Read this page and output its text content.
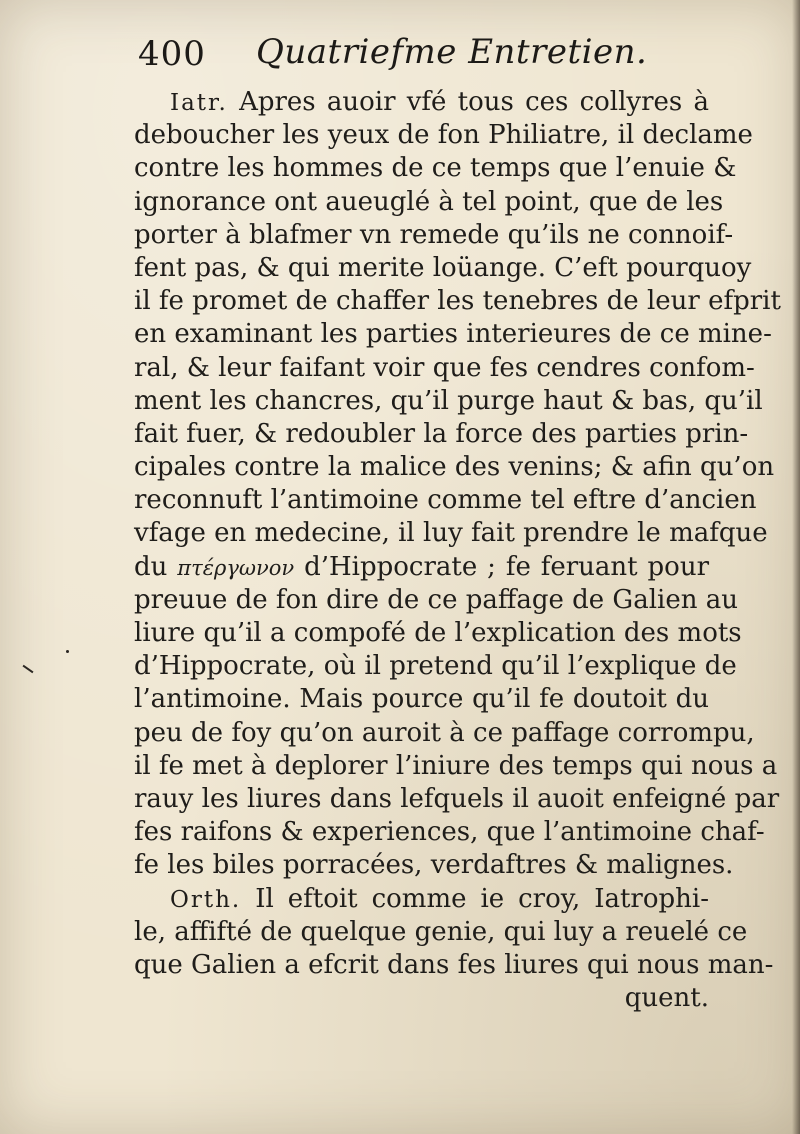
400 Quatriefme Entretien.
Iatr. Apres auoir vfé tous ces collyres à
deboucher les yeux de fon Philiatre, il declame
contre les hommes de ce temps que l’enuie &
ignorance ont aueuglé à tel point, que de les
porter à blafmer vn remede qu’ils ne connoif-
fent pas, & qui merite loüange. C’eft pourquoy
il fe promet de chaffer les tenebres de leur efprit
en examinant les parties interieures de ce mine-
ral, & leur faifant voir que fes cendres confom-
ment les chancres, qu’il purge haut & bas, qu’il
fait fuer, & redoubler la force des parties prin-
cipales contre la malice des venins; & afin qu’on
reconnuft l’antimoine comme tel eftre d’ancien
vfage en medecine, il luy fait prendre le mafque
du πτέργωνον d’Hippocrate ; fe feruant pour
preuue de fon dire de ce paffage de Galien au
liure qu’il a compofé de l’explication des mots
d’Hippocrate, où il pretend qu’il l’explique de
l’antimoine. Mais pource qu’il fe doutoit du
peu de foy qu’on auroit à ce paffage corrompu,
il fe met à deplorer l’iniure des temps qui nous a
rauy les liures dans lefquels il auoit enfeigné par
fes raifons & experiences, que l’antimoine chaf-
fe les biles porracées, verdaftres & malignes.
Orth. Il eftoit comme ie croy, Iatrophi-
le, affifté de quelque genie, qui luy a reuelé ce
que Galien a efcrit dans fes liures qui nous man-
quent.
